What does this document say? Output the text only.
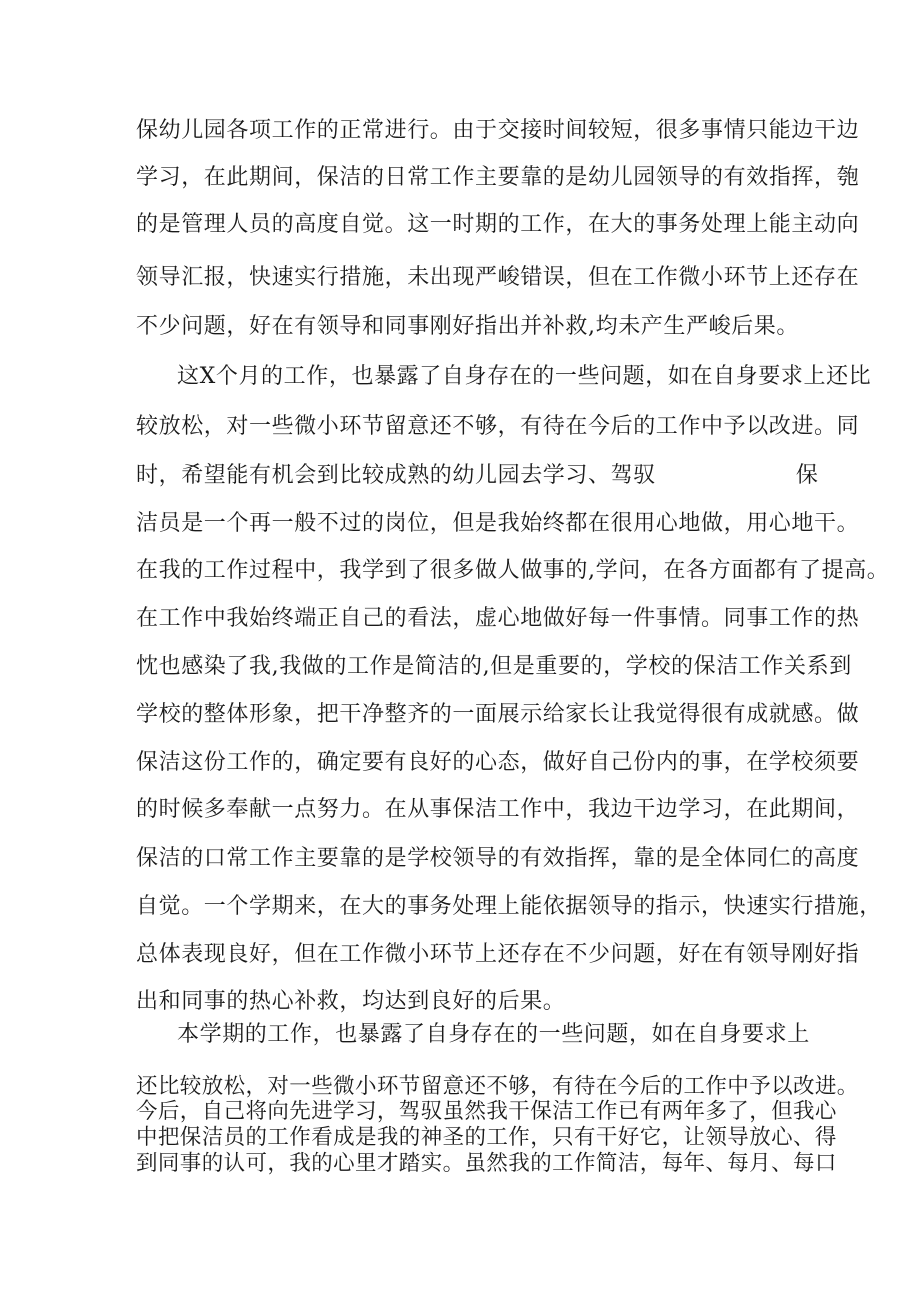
保幼儿园各项工作的正常进行。由于交接时间较短，很多事情只能边干边
学习，在此期间，保洁的日常工作主要靠的是幼儿园领导的有效指挥，匏
的是管理人员的高度自觉。这一时期的工作，在大的事务处理上能主动向
领导汇报，快速实行措施，未出现严峻错误，但在工作微小环节上还存在
不少问题，好在有领导和同事刚好指出并补救,均未产生严峻后果。
这X个月的工作，也暴露了自身存在的一些问题，如在自身要求上还比
较放松，对一些微小环节留意还不够，有待在今后的工作中予以改进。同
时，希望能有机会到比较成熟的幼儿园去学习、驾驭	保
洁员是一个再一般不过的岗位，但是我始终都在很用心地做，用心地干。
在我的工作过程中，我学到了很多做人做事的,学问，在各方面都有了提高。
在工作中我始终端正自己的看法，虚心地做好每一件事情。同事工作的热
忱也感染了我,我做的工作是简洁的,但是重要的，学校的保洁工作关系到
学校的整体形象，把干净整齐的一面展示给家长让我觉得很有成就感。做
保洁这份工作的，确定要有良好的心态，做好自己份内的事，在学校须要
的时候多奉献一点努力。在从事保洁工作中，我边干边学习，在此期间，
保洁的口常工作主要靠的是学校领导的有效指挥，靠的是全体同仁的高度
自觉。一个学期来，在大的事务处理上能依据领导的指示，快速实行措施，
总体表现良好，但在工作微小环节上还存在不少问题，好在有领导刚好指
出和同事的热心补救，均达到良好的后果。
本学期的工作，也暴露了自身存在的一些问题，如在自身要求上
还比较放松，对一些微小环节留意还不够，有待在今后的工作中予以改进。
今后，自己将向先进学习，驾驭虽然我干保洁工作已有两年多了，但我心
中把保洁员的工作看成是我的神圣的工作，只有干好它，让领导放心、得
到同事的认可，我的心里才踏实。虽然我的工作简洁，每年、每月、每口
